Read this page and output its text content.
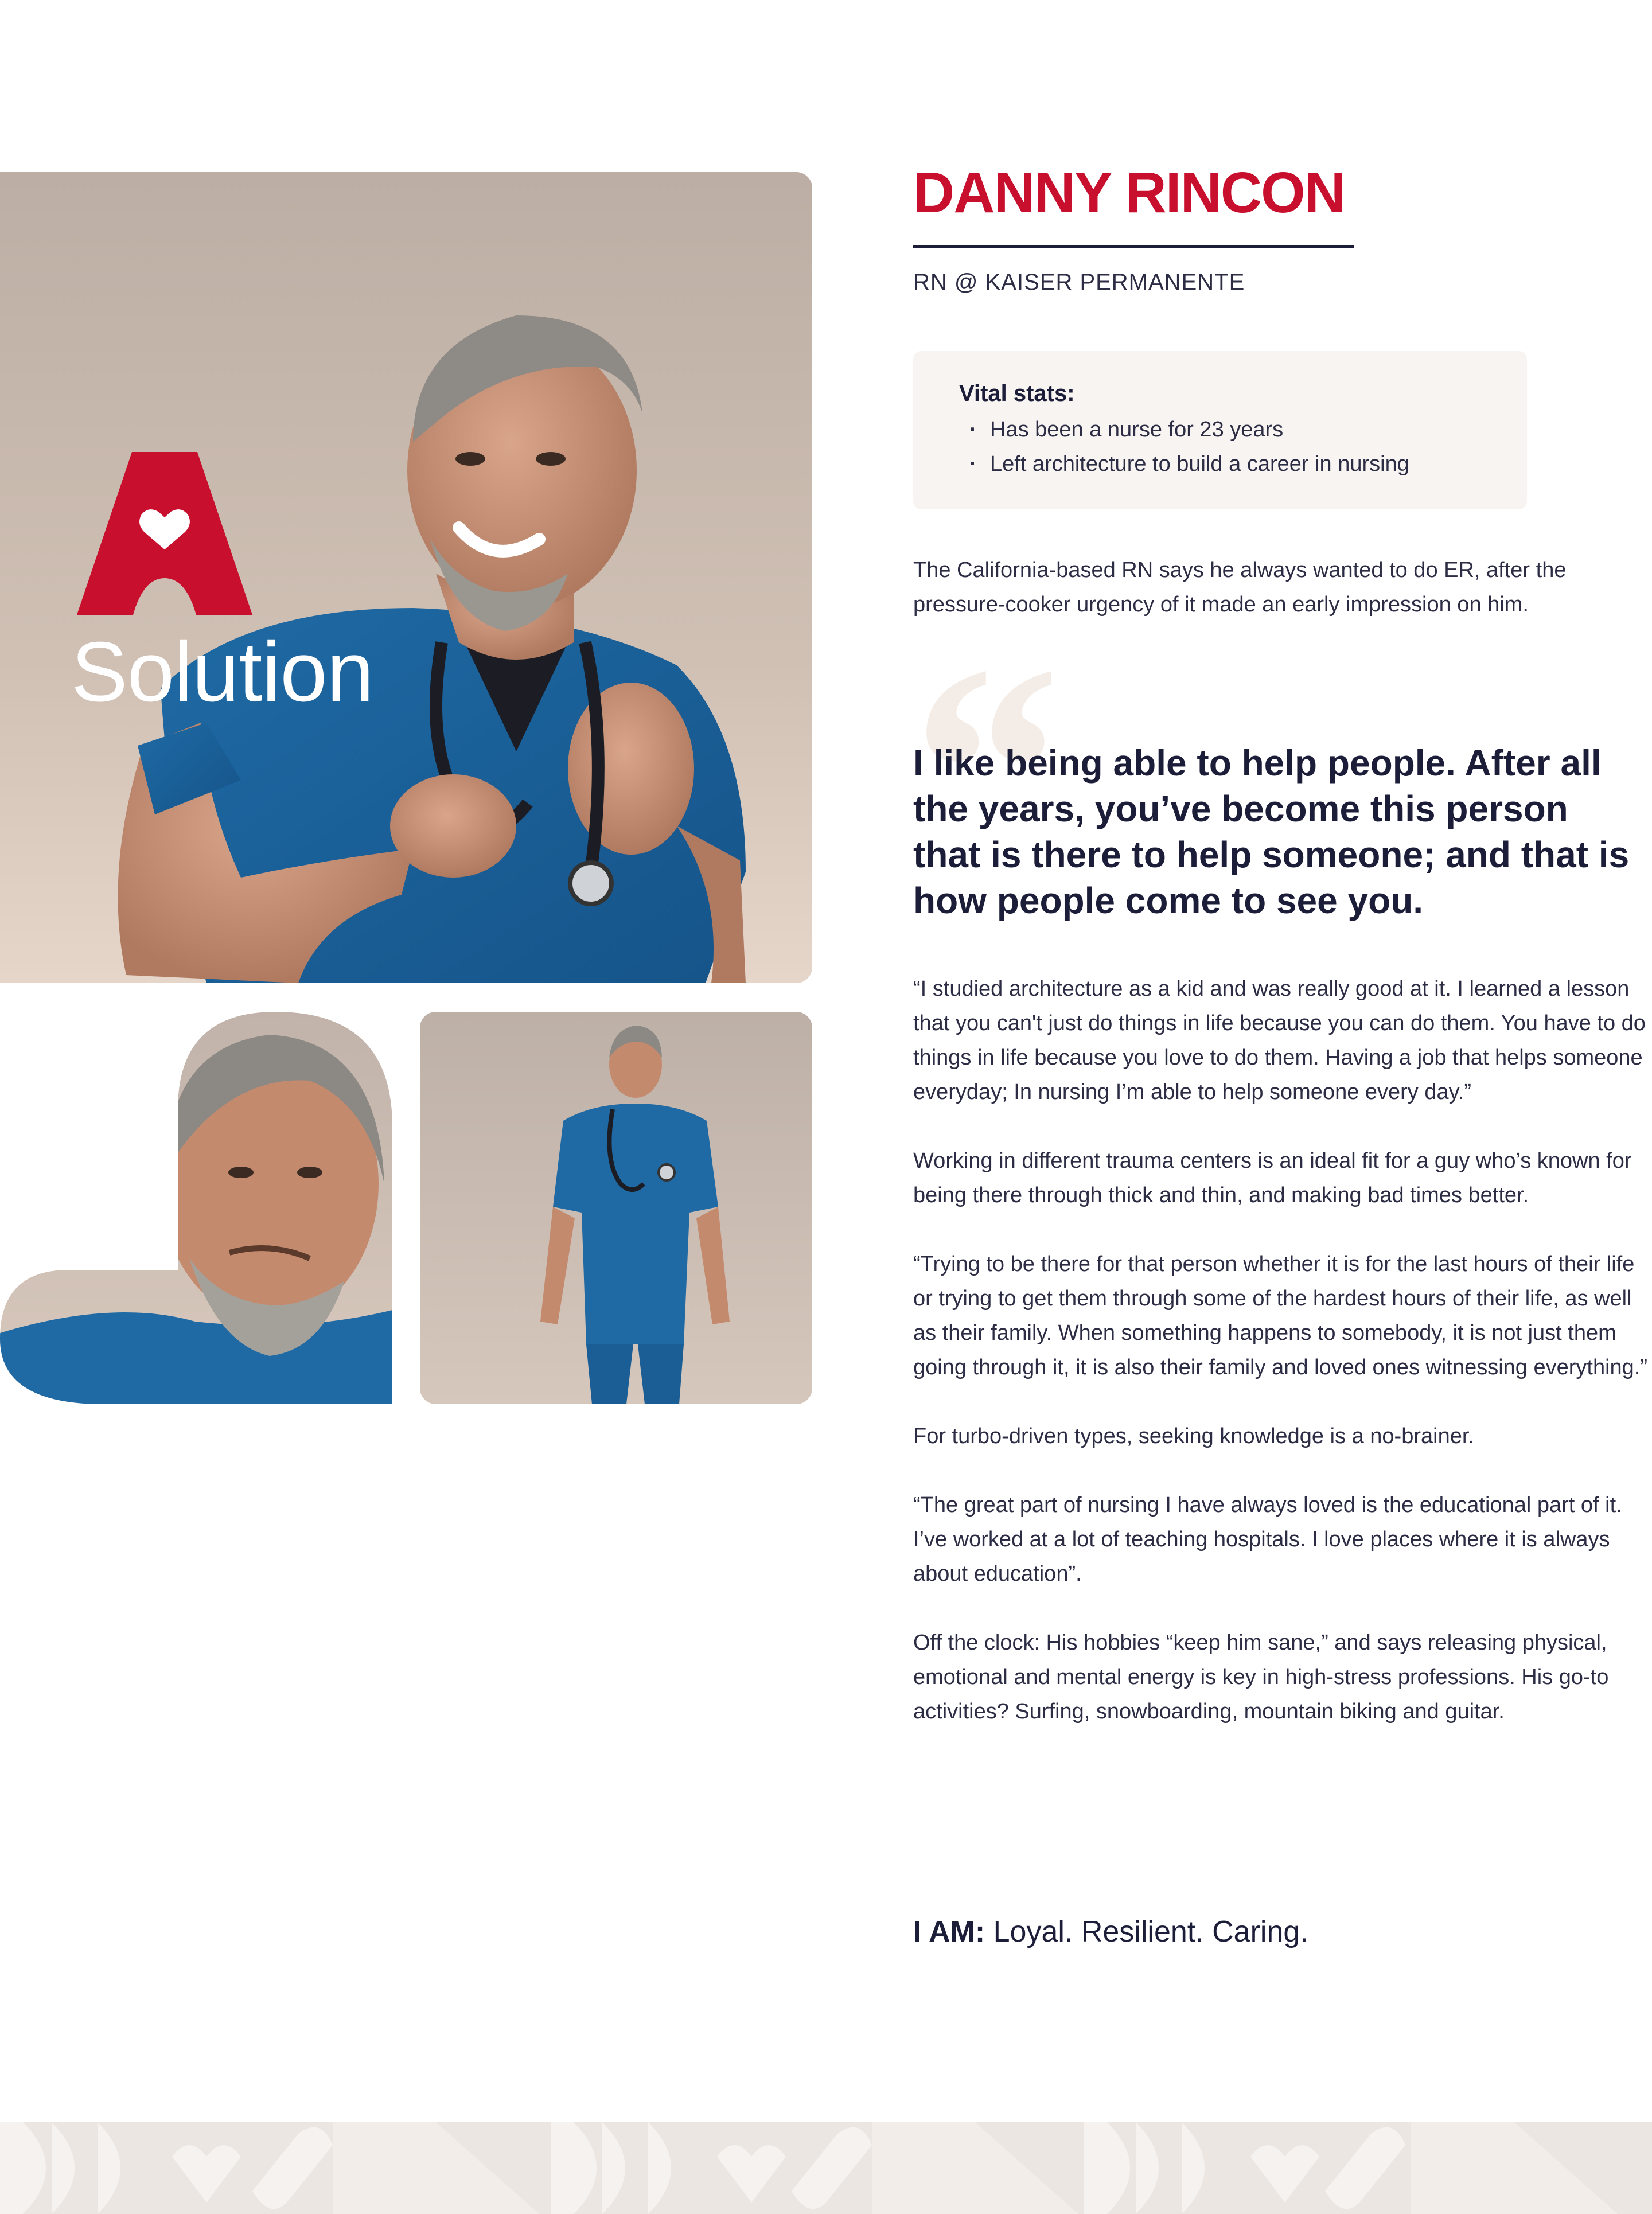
Solution
DANNY RINCON
RN @ KAISER PERMANENTE
Vital stats:
· Has been a nurse for 23 years
· Left architecture to build a career in nursing

The California-based RN says he always wanted to do ER, after the pressure-cooker urgency of it made an early impression on him.

“

I like being able to help people. After all the years, you’ve become this person that is there to help someone; and that is how people come to see you.

“I studied architecture as a kid and was really good at it. I learned a lesson that you can't just do things in life because you can do them. You have to do things in life because you love to do them. Having a job that helps someone everyday; In nursing I’m able to help someone every day.”

Working in different trauma centers is an ideal fit for a guy who’s known for being there through thick and thin, and making bad times better.

“Trying to be there for that person whether it is for the last hours of their life or trying to get them through some of the hardest hours of their life, as well as their family. When something happens to somebody, it is not just them going through it, it is also their family and loved ones witnessing everything.”

For turbo-driven types, seeking knowledge is a no-brainer.

“The great part of nursing I have always loved is the educational part of it. I’ve worked at a lot of teaching hospitals. I love places where it is always about education”.

Off the clock: His hobbies “keep him sane,” and says releasing physical, emotional and mental energy is key in high-stress professions. His go-to activities? Surfing, snowboarding, mountain biking and guitar.

I AM: Loyal. Resilient. Caring.
